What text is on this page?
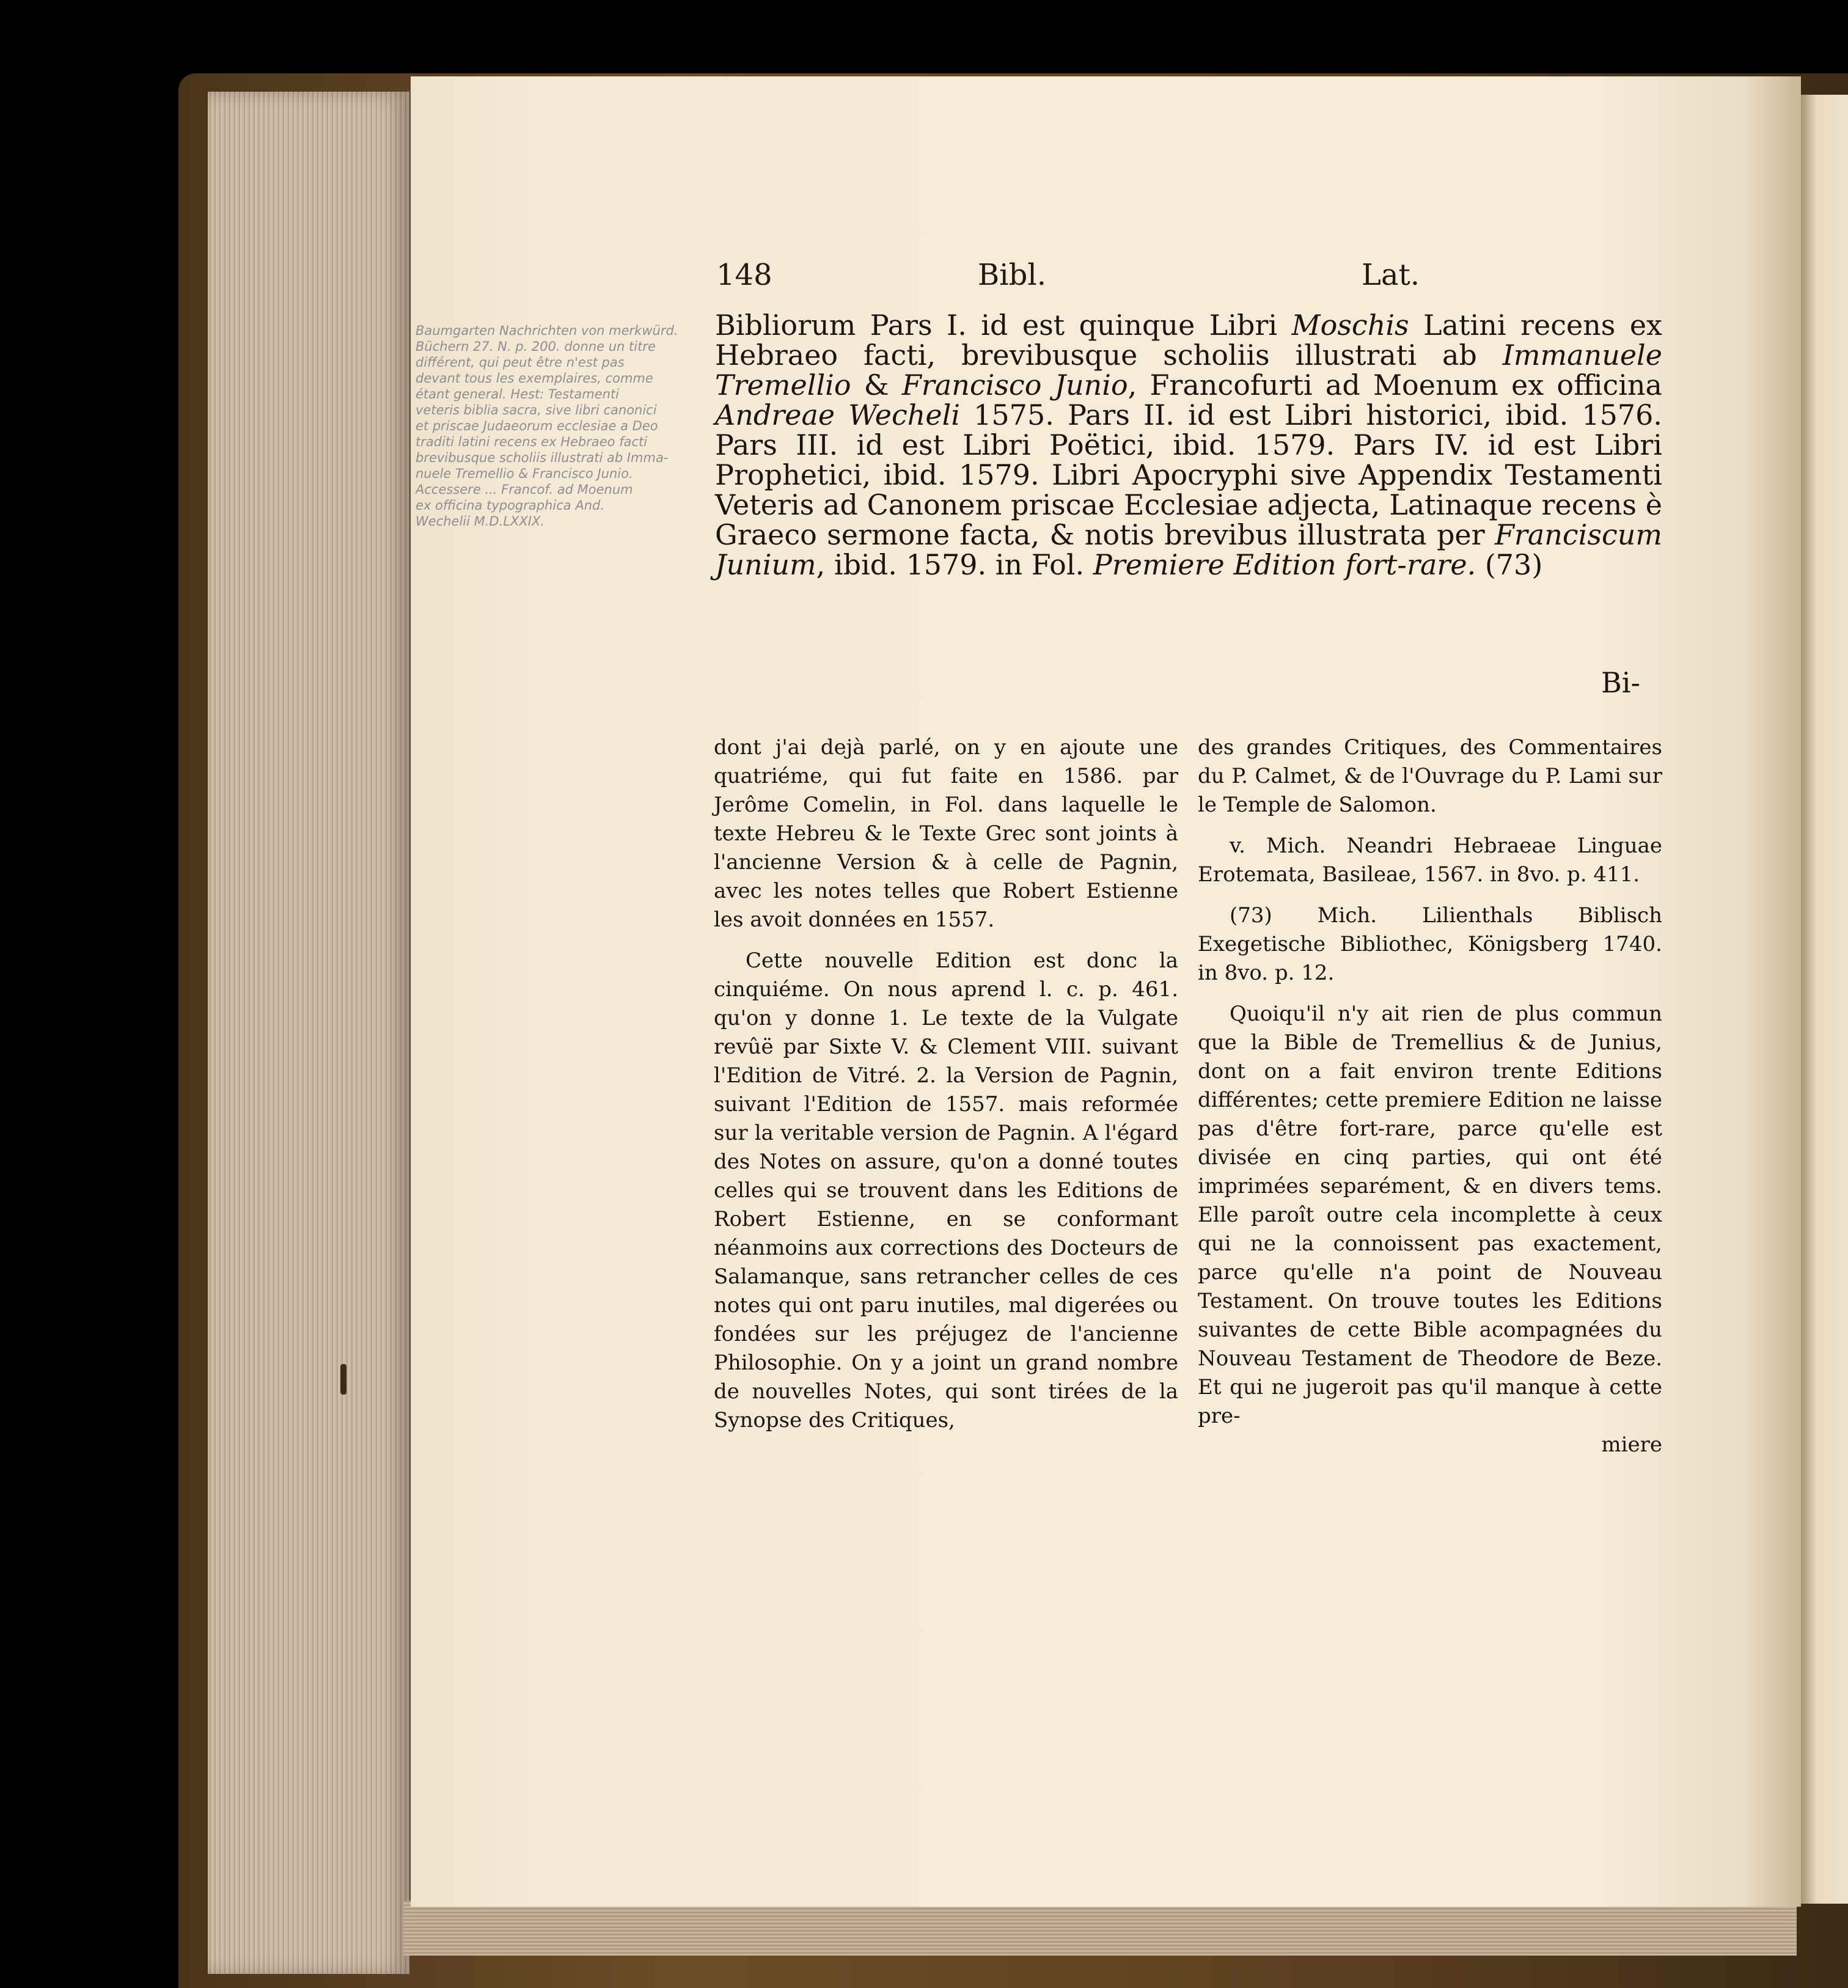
Baumgarten Nachrichten von merkwürd.
Büchern 27. N. p. 200. donne un titre
différent, qui peut être n'est pas
devant tous les exemplaires, comme
étant general. Hest: Testamenti
veteris biblia sacra, sive libri canonici
et priscae Judaeorum ecclesiae a Deo
traditi latini recens ex Hebraeo facti
brevibusque scholiis illustrati ab Imma-
nuele Tremellio & Francisco Junio.
Accessere ... Francof. ad Moenum
ex officina typographica And.
Wechelii M.D.LXXIX.
148	Bibl.	Lat.

Bibliorum Pars I. id est quinque Libri Moschis Latini recens ex Hebraeo facti, brevibusque scholiis illustrati ab Immanuele Tremellio & Francisco Junio, Francofurti ad Moenum ex officina Andreae Wecheli 1575. Pars II. id est Libri historici, ibid. 1576. Pars III. id est Libri Poëtici, ibid. 1579. Pars IV. id est Libri Prophetici, ibid. 1579. Libri Apocryphi sive Appendix Testamenti Veteris ad Canonem priscae Ecclesiae adjecta, Latinaque recens è Graeco sermone facta, & notis brevibus illustrata per Franciscum Junium, ibid. 1579. in Fol. Premiere Edition fort-rare. (73)

Bi-

dont j'ai dejà parlé, on y en ajoute une quatriéme, qui fut faite en 1586. par Jerôme Comelin, in Fol. dans laquelle le texte Hebreu & le Texte Grec sont joints à l'ancienne Version & à celle de Pagnin, avec les notes telles que Robert Estienne les avoit données en 1557.

Cette nouvelle Edition est donc la cinquiéme. On nous aprend l. c. p. 461. qu'on y donne 1. Le texte de la Vulgate revûë par Sixte V. & Clement VIII. suivant l'Edition de Vitré. 2. la Version de Pagnin, suivant l'Edition de 1557. mais reformée sur la veritable version de Pagnin. A l'égard des Notes on assure, qu'on a donné toutes celles qui se trouvent dans les Editions de Robert Estienne, en se conformant néanmoins aux corrections des Docteurs de Salamanque, sans retrancher celles de ces notes qui ont paru inutiles, mal digerées ou fondées sur les préjugez de l'ancienne Philosophie. On y a joint un grand nombre de nouvelles Notes, qui sont tirées de la Synopse des Critiques,

des grandes Critiques, des Commentaires du P. Calmet, & de l'Ouvrage du P. Lami sur le Temple de Salomon.

v. Mich. Neandri Hebraeae Linguae Erotemata, Basileae, 1567. in 8vo. p. 411.

(73) Mich. Lilienthals Biblisch Exegetische Bibliothec, Königsberg 1740. in 8vo. p. 12.

Quoiqu'il n'y ait rien de plus commun que la Bible de Tremellius & de Junius, dont on a fait environ trente Editions différentes; cette premiere Edition ne laisse pas d'être fort-rare, parce qu'elle est divisée en cinq parties, qui ont été imprimées separément, & en divers tems. Elle paroît outre cela incomplette à ceux qui ne la connoissent pas exactement, parce qu'elle n'a point de Nouveau Testament. On trouve toutes les Editions suivantes de cette Bible acompagnées du Nouveau Testament de Theodore de Beze. Et qui ne jugeroit pas qu'il manque à cette pre-

miere
